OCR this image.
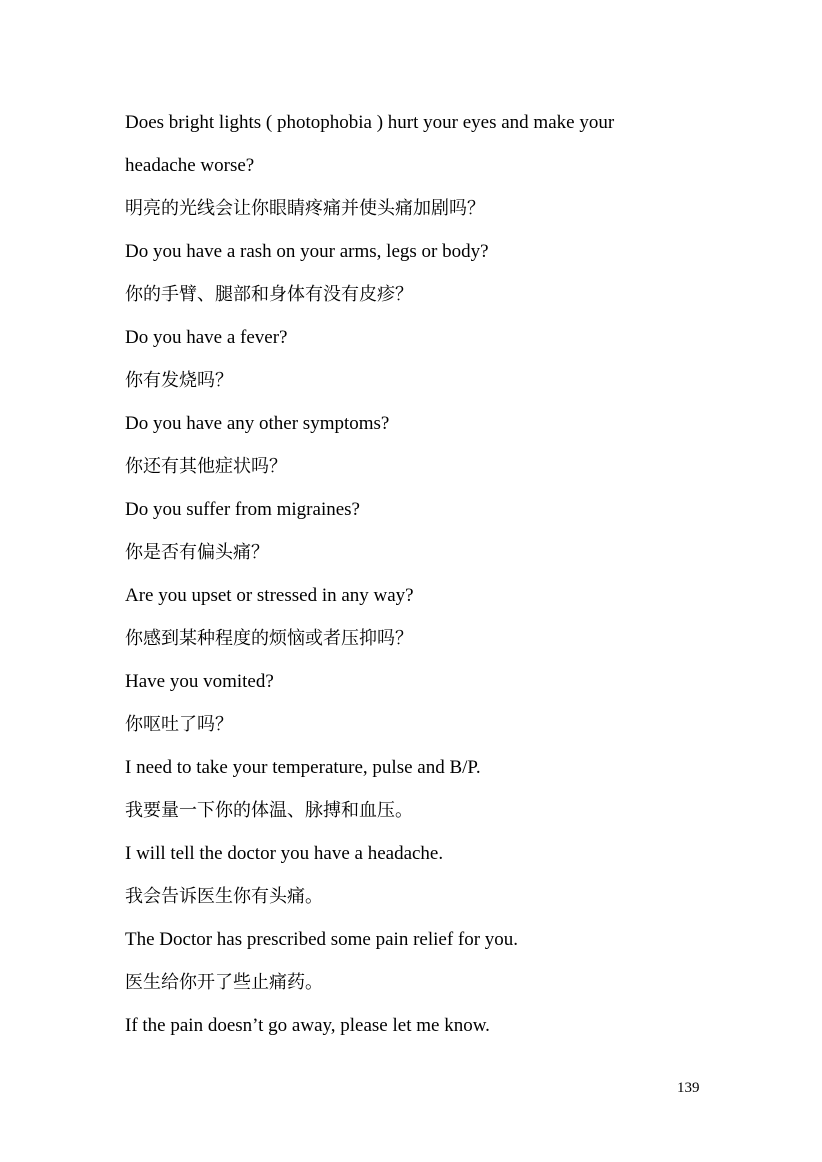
Does bright lights ( photophobia ) hurt your eyes and make your
headache worse?
明亮的光线会让你眼睛疼痛并使头痛加剧吗？
Do you have a rash on your arms, legs or body?
你的手臂、腿部和身体有没有皮疹？
Do you have a fever?
你有发烧吗？
Do you have any other symptoms?
你还有其他症状吗？
Do you suffer from migraines?
你是否有偏头痛？
Are you upset or stressed in any way?
你感到某种程度的烦恼或者压抑吗？
Have you vomited?
你呕吐了吗？
I need to take your temperature, pulse and B/P.
我要量一下你的体温、脉搏和血压。
I will tell the doctor you have a headache.
我会告诉医生你有头痛。
The Doctor has prescribed some pain relief for you.
医生给你开了些止痛药。
If the pain doesn’t go away, please let me know.
139
